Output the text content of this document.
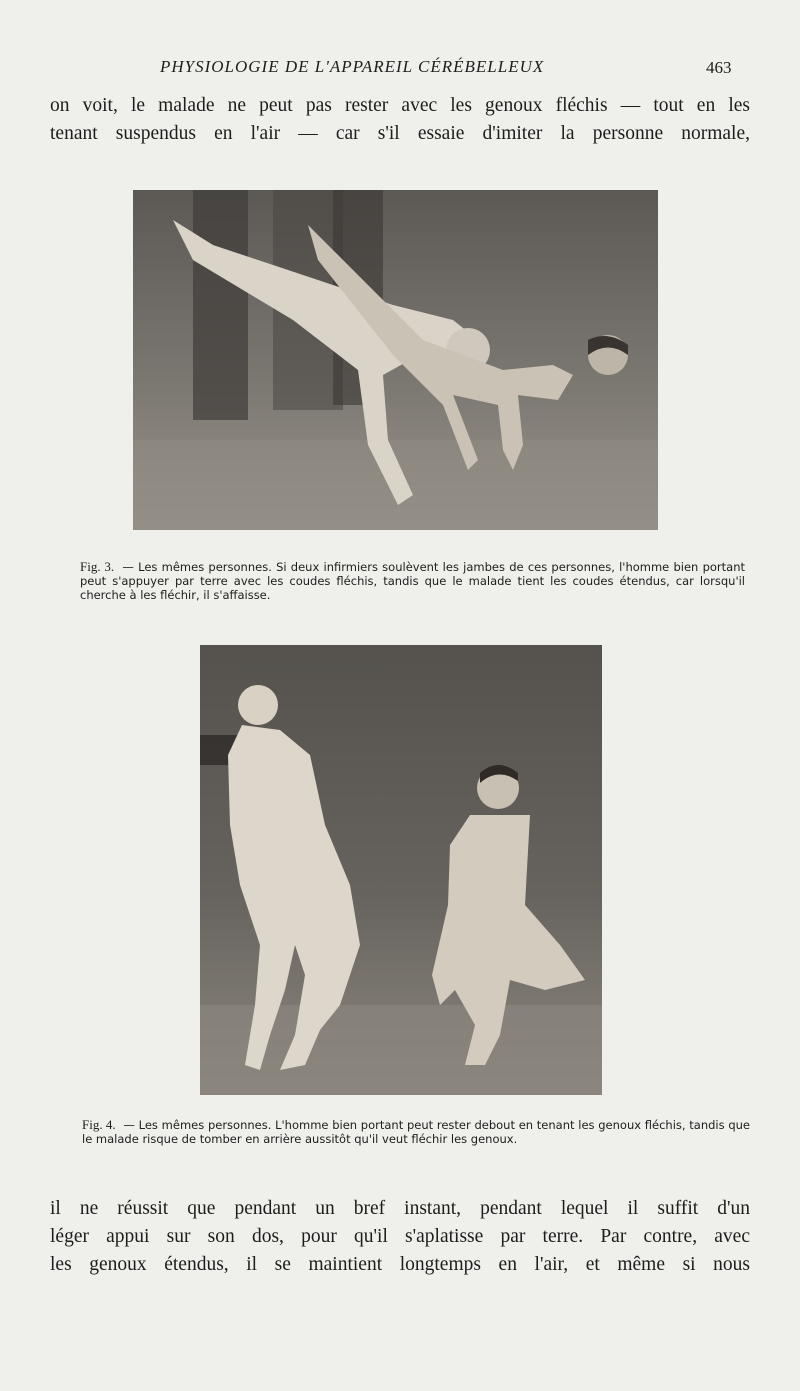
PHYSIOLOGIE DE L'APPAREIL CÉRÉBELLEUX	463
on voit, le malade ne peut pas rester avec les genoux fléchis — tout en les
tenant suspendus en l'air — car s'il essaie d'imiter la personne normale,
Fig. 3. — Les mêmes personnes. Si deux infirmiers soulèvent les jambes de ces personnes, l'homme bien portant peut s'appuyer par terre avec les coudes fléchis, tandis que le malade tient les coudes étendus, car lorsqu'il cherche à les fléchir, il s'affaisse.
Fig. 4. — Les mêmes personnes. L'homme bien portant peut rester debout en tenant les genoux fléchis, tandis que le malade risque de tomber en arrière aussitôt qu'il veut fléchir les genoux.
il ne réussit que pendant un bref instant, pendant lequel il suffit d'un
léger appui sur son dos, pour qu'il s'aplatisse par terre. Par contre, avec
les genoux étendus, il se maintient longtemps en l'air, et même si nous
